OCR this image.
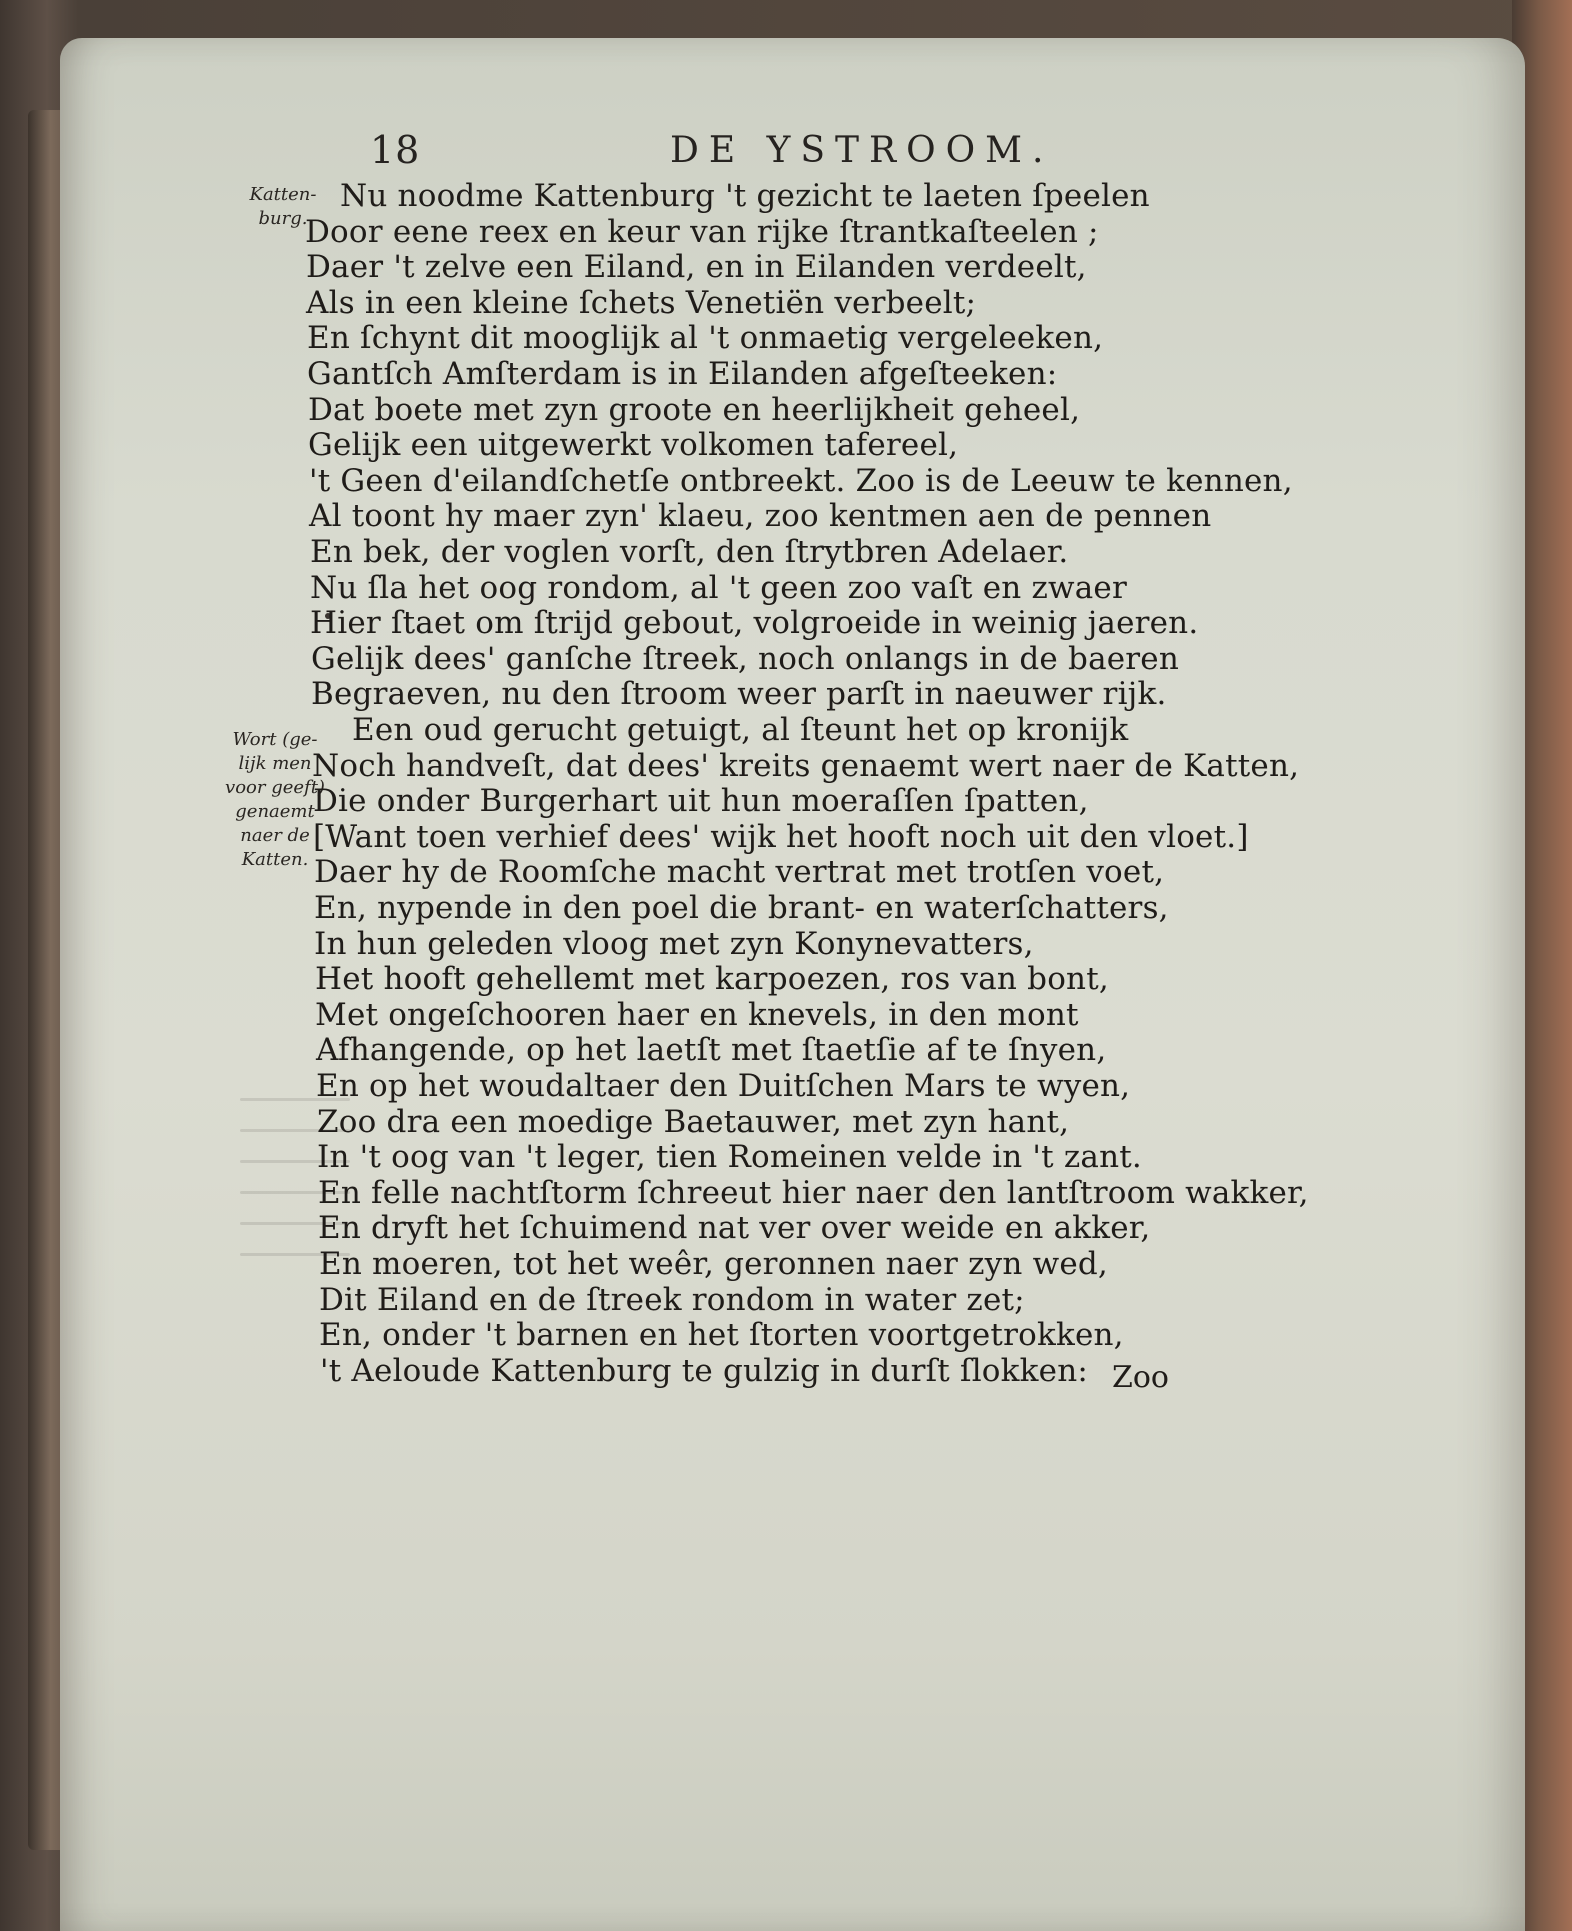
18	DE YSTROOM.
Katten-
burg.
Wort (ge-
lijk men
voor geeft)
genaemt
naer de
Katten.
Nu noodme Kattenburg 't gezicht te laeten ſpeelen
Door eene reex en keur van rijke ſtrantkaſteelen ;
Daer 't zelve een Eiland, en in Eilanden verdeelt,
Als in een kleine ſchets Venetiën verbeelt;
En ſchynt dit mooglijk al 't onmaetig vergeleeken,
Gantſch Amſterdam is in Eilanden afgeſteeken:
Dat boete met zyn groote en heerlijkheit geheel,
Gelijk een uitgewerkt volkomen tafereel,
't Geen d'eilandſchetſe ontbreekt. Zoo is de Leeuw te kennen,
Al toont hy maer zyn' klaeu, zoo kentmen aen de pennen
En bek, der voglen vorſt, den ſtrytbren Adelaer.
Nu ſla het oog rondom, al 't geen zoo vaſt en zwaer
Hier ſtaet om ſtrijd gebout, volgroeide in weinig jaeren.
Gelijk dees' ganſche ſtreek, noch onlangs in de baeren
Begraeven, nu den ſtroom weer parſt in naeuwer rijk.
Een oud gerucht getuigt, al ſteunt het op kronijk
Noch handveſt, dat dees' kreits genaemt wert naer de Katten,
Die onder Burgerhart uit hun moeraſſen ſpatten,
[Want toen verhief dees' wijk het hooft noch uit den vloet.]
Daer hy de Roomſche macht vertrat met trotſen voet,
En, nypende in den poel die brant- en waterſchatters,
In hun geleden vloog met zyn Konynevatters,
Het hooft gehellemt met karpoezen, ros van bont,
Met ongeſchooren haer en knevels, in den mont
Afhangende, op het laetſt met ſtaetſie af te ſnyen,
En op het woudaltaer den Duitſchen Mars te wyen,
Zoo dra een moedige Baetauwer, met zyn hant,
In 't oog van 't leger, tien Romeinen velde in 't zant.
En felle nachtſtorm ſchreeut hier naer den lantſtroom wakker,
En dryft het ſchuimend nat ver over weide en akker,
En moeren, tot het weêr, geronnen naer zyn wed,
Dit Eiland en de ſtreek rondom in water zet;
En, onder 't barnen en het ſtorten voortgetrokken,
't Aeloude Kattenburg te gulzig in durſt ſlokken: Zoo
